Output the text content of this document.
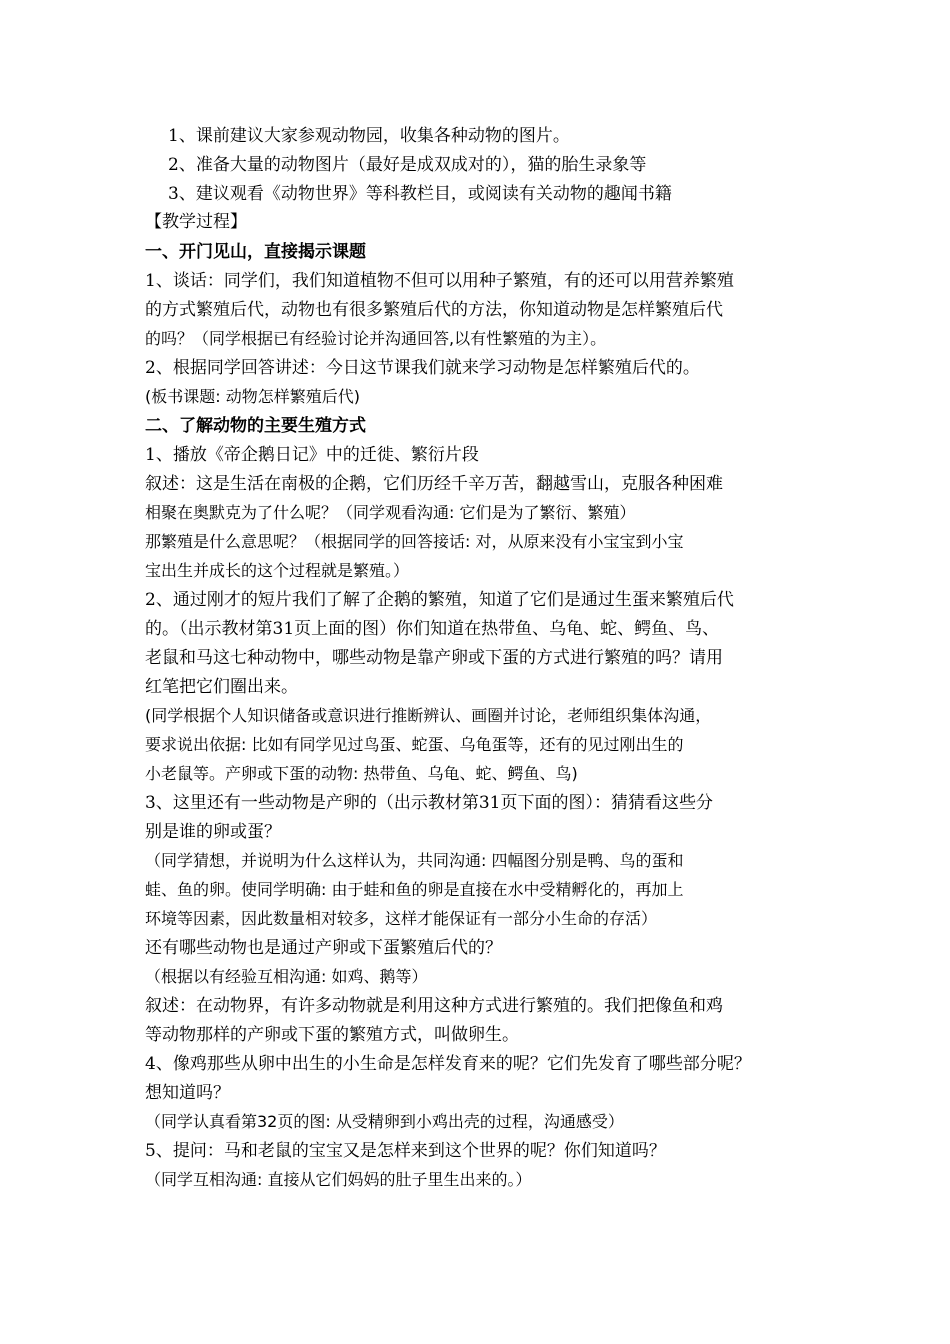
1、课前建议大家参观动物园，收集各种动物的图片。
2、准备大量的动物图片（最好是成双成对的），猫的胎生录象等
3、建议观看《动物世界》等科教栏目，或阅读有关动物的趣闻书籍
【教学过程】
一、开门见山，直接揭示课题
1、谈话：同学们，我们知道植物不但可以用种子繁殖，有的还可以用营养繁殖
的方式繁殖后代，动物也有很多繁殖后代的方法，你知道动物是怎样繁殖后代
的吗？（同学根据已有经验讨论并沟通回答,以有性繁殖的为主）。
2、根据同学回答讲述：今日这节课我们就来学习动物是怎样繁殖后代的。
(板书课题: 动物怎样繁殖后代)
二、了解动物的主要生殖方式
1、播放《帝企鹅日记》中的迁徙、繁衍片段
叙述：这是生活在南极的企鹅，它们历经千辛万苦，翻越雪山，克服各种困难
相聚在奥默克为了什么呢？（同学观看沟通: 它们是为了繁衍、繁殖）
那繁殖是什么意思呢？（根据同学的回答接话: 对，从原来没有小宝宝到小宝
宝出生并成长的这个过程就是繁殖。）
2、通过刚才的短片我们了解了企鹅的繁殖，知道了它们是通过生蛋来繁殖后代
的。（出示教材第31页上面的图）你们知道在热带鱼、乌龟、蛇、鳄鱼、鸟、
老鼠和马这七种动物中，哪些动物是靠产卵或下蛋的方式进行繁殖的吗？请用
红笔把它们圈出来。
(同学根据个人知识储备或意识进行推断辨认、画圈并讨论，老师组织集体沟通，
要求说出依据: 比如有同学见过鸟蛋、蛇蛋、乌龟蛋等，还有的见过刚出生的
小老鼠等。产卵或下蛋的动物: 热带鱼、乌龟、蛇、鳄鱼、鸟)
3、这里还有一些动物是产卵的（出示教材第31页下面的图）：猜猜看这些分
别是谁的卵或蛋？
（同学猜想，并说明为什么这样认为，共同沟通: 四幅图分别是鸭、鸟的蛋和
蛙、鱼的卵。使同学明确: 由于蛙和鱼的卵是直接在水中受精孵化的，再加上
环境等因素，因此数量相对较多，这样才能保证有一部分小生命的存活）
还有哪些动物也是通过产卵或下蛋繁殖后代的？
（根据以有经验互相沟通: 如鸡、鹅等）
叙述：在动物界，有许多动物就是利用这种方式进行繁殖的。我们把像鱼和鸡
等动物那样的产卵或下蛋的繁殖方式，叫做卵生。
4、像鸡那些从卵中出生的小生命是怎样发育来的呢？它们先发育了哪些部分呢？
想知道吗？
（同学认真看第32页的图: 从受精卵到小鸡出壳的过程，沟通感受）
5、提问：马和老鼠的宝宝又是怎样来到这个世界的呢？你们知道吗？
（同学互相沟通: 直接从它们妈妈的肚子里生出来的。）
